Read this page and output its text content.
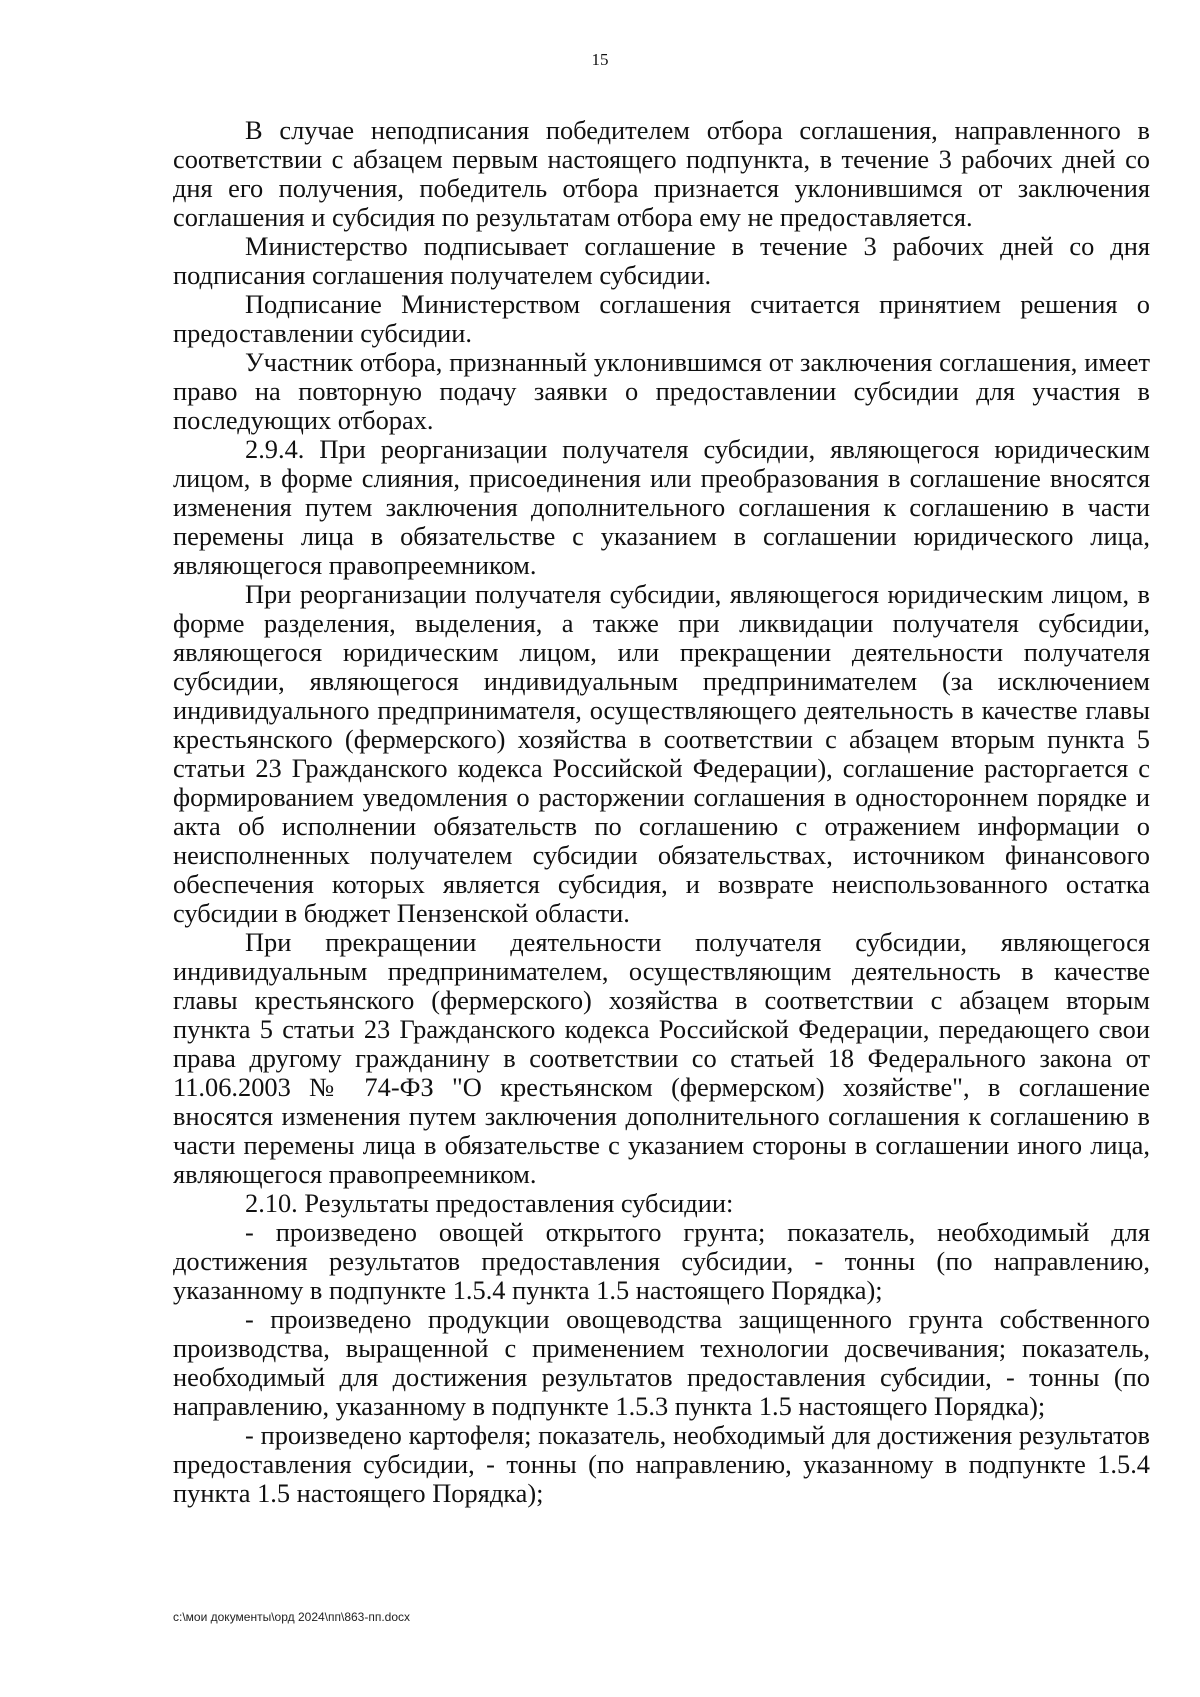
15

В случае неподписания победителем отбора соглашения, направленного в соответствии с абзацем первым настоящего подпункта, в течение 3 рабочих дней со дня его получения, победитель отбора признается уклонившимся от заключения соглашения и субсидия по результатам отбора ему не предоставляется.

Министерство подписывает соглашение в течение 3 рабочих дней со дня подписания соглашения получателем субсидии.

Подписание Министерством соглашения считается принятием решения о предоставлении субсидии.

Участник отбора, признанный уклонившимся от заключения соглашения, имеет право на повторную подачу заявки о предоставлении субсидии для участия в последующих отборах.

2.9.4. При реорганизации получателя субсидии, являющегося юридическим лицом, в форме слияния, присоединения или преобразования в соглашение вносятся изменения путем заключения дополнительного соглашения к соглашению в части перемены лица в обязательстве с указанием в соглашении юридического лица, являющегося правопреемником.

При реорганизации получателя субсидии, являющегося юридическим лицом, в форме разделения, выделения, а также при ликвидации получателя субсидии, являющегося юридическим лицом, или прекращении деятельности получателя субсидии, являющегося индивидуальным предпринимателем (за исключением индивидуального предпринимателя, осуществляющего деятельность в качестве главы крестьянского (фермерского) хозяйства в соответствии с абзацем вторым пункта 5 статьи 23 Гражданского кодекса Российской Федерации), соглашение расторгается с формированием уведомления о расторжении соглашения в одностороннем порядке и акта об исполнении обязательств по соглашению с отражением информации о неисполненных получателем субсидии обязательствах, источником финансового обеспечения которых является субсидия, и возврате неиспользованного остатка субсидии в бюджет Пензенской области.

При прекращении деятельности получателя субсидии, являющегося индивидуальным предпринимателем, осуществляющим деятельность в качестве главы крестьянского (фермерского) хозяйства в соответствии с абзацем вторым пункта 5 статьи 23 Гражданского кодекса Российской Федерации, передающего свои права другому гражданину в соответствии со статьей 18 Федерального закона от 11.06.2003 № 74-ФЗ "О крестьянском (фермерском) хозяйстве", в соглашение вносятся изменения путем заключения дополнительного соглашения к соглашению в части перемены лица в обязательстве с указанием стороны в соглашении иного лица, являющегося правопреемником.

2.10. Результаты предоставления субсидии:

- произведено овощей открытого грунта; показатель, необходимый для достижения результатов предоставления субсидии, - тонны (по направлению, указанному в подпункте 1.5.4 пункта 1.5 настоящего Порядка);

- произведено продукции овощеводства защищенного грунта собственного производства, выращенной с применением технологии досвечивания; показатель, необходимый для достижения результатов предоставления субсидии, - тонны (по направлению, указанному в подпункте 1.5.3 пункта 1.5 настоящего Порядка);

- произведено картофеля; показатель, необходимый для достижения результатов предоставления субсидии, - тонны (по направлению, указанному в подпункте 1.5.4 пункта 1.5 настоящего Порядка);

c:\мои документы\орд 2024\пп\863-пп.docx
